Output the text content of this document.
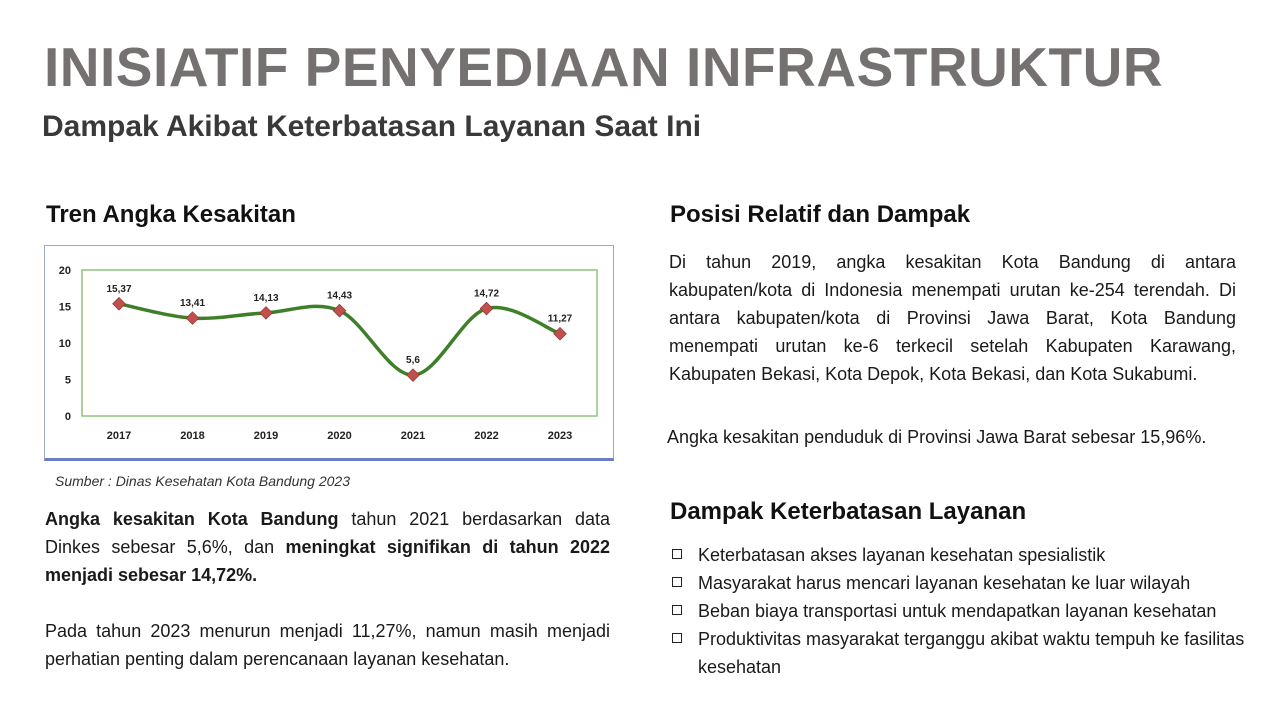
INISIATIF PENYEDIAAN INFRASTRUKTUR
Dampak Akibat Keterbatasan Layanan Saat Ini
Tren Angka Kesakitan
0
5
10
15
20
2017	2018	2019	2020	2021	2022	2023
15,37
13,41	14,13	14,43
5,6
14,72
11,27

Sumber : Dinas Kesehatan Kota Bandung 2023

Angka kesakitan Kota Bandung tahun 2021 berdasarkan data Dinkes sebesar 5,6%, dan meningkat signifikan di tahun 2022 menjadi sebesar 14,72%.

Pada tahun 2023 menurun menjadi 11,27%, namun masih menjadi perhatian penting dalam perencanaan layanan kesehatan.

Posisi Relatif dan Dampak

Di tahun 2019, angka kesakitan Kota Bandung di antara kabupaten/kota di Indonesia menempati urutan ke-254 terendah. Di antara kabupaten/kota di Provinsi Jawa Barat, Kota Bandung menempati urutan ke-6 terkecil setelah Kabupaten Karawang, Kabupaten Bekasi, Kota Depok, Kota Bekasi, dan Kota Sukabumi.

Angka kesakitan penduduk di Provinsi Jawa Barat sebesar 15,96%.

Dampak Keterbatasan Layanan
Keterbatasan akses layanan kesehatan spesialistik
Masyarakat harus mencari layanan kesehatan ke luar wilayah
Beban biaya transportasi untuk mendapatkan layanan kesehatan
Produktivitas masyarakat terganggu akibat waktu tempuh ke fasilitas kesehatan
